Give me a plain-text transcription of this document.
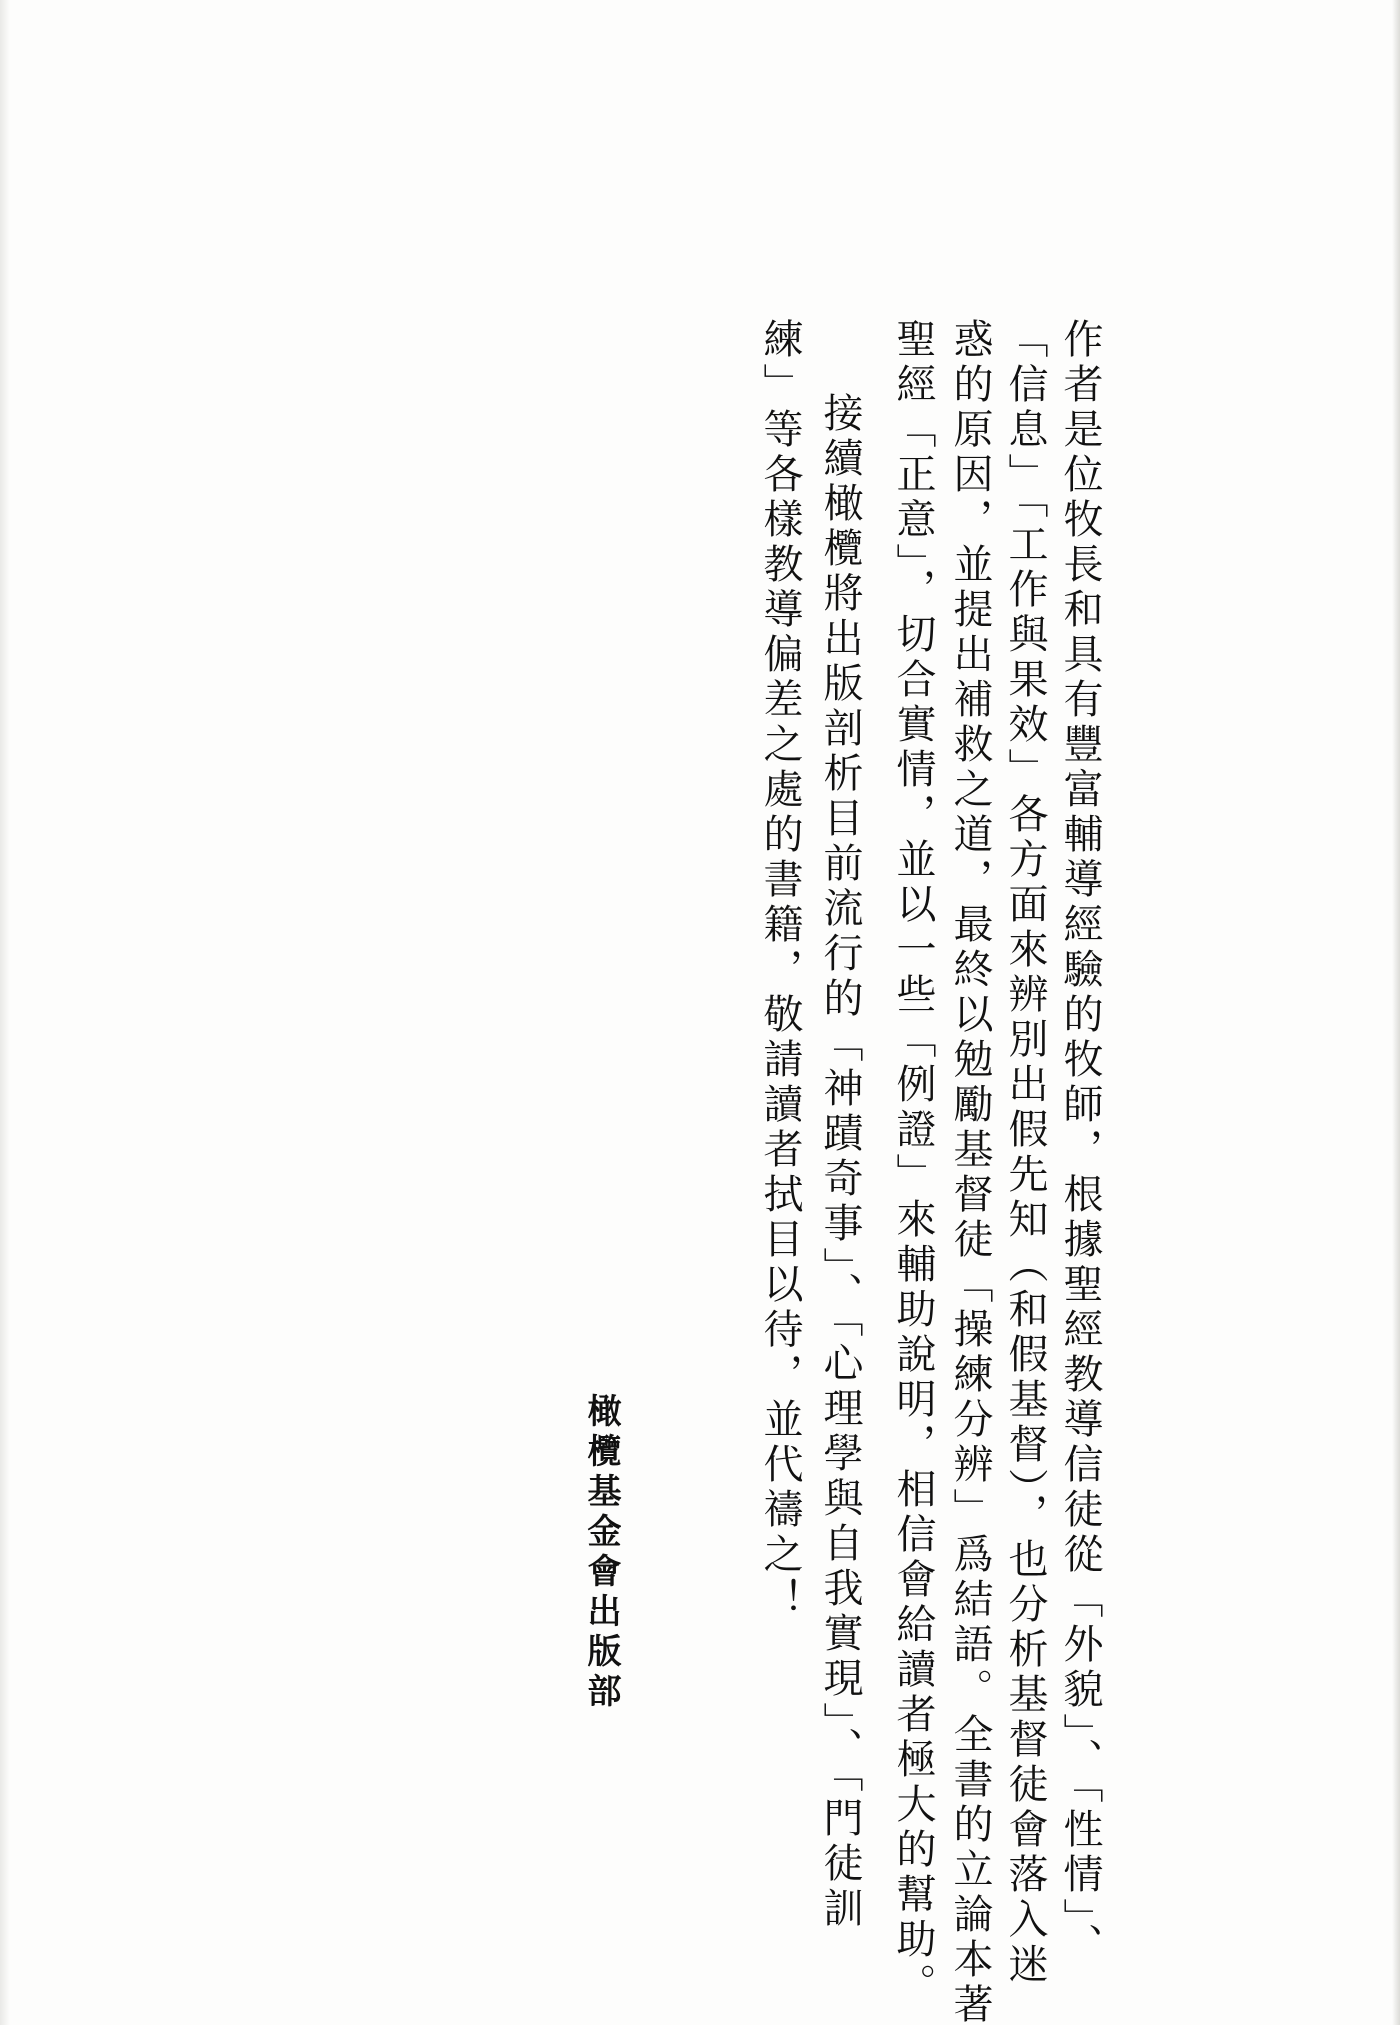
作者是位牧長和具有豐富輔導經驗的牧師，根據聖經教導信徒從「外貌」、「性情」、
「信息」「工作與果效」各方面來辨別出假先知（和假基督），也分析基督徒會落入迷
惑的原因，並提出補救之道，最終以勉勵基督徒「操練分辨」爲結語。全書的立論本著
聖經「正意」，切合實情，並以一些「例證」來輔助說明，相信會給讀者極大的幫助。
接續橄欖將出版剖析目前流行的「神蹟奇事」、「心理學與自我實現」、「門徒訓
練」等各樣教導偏差之處的書籍，敬請讀者拭目以待，並代禱之！
橄欖基金會出版部
